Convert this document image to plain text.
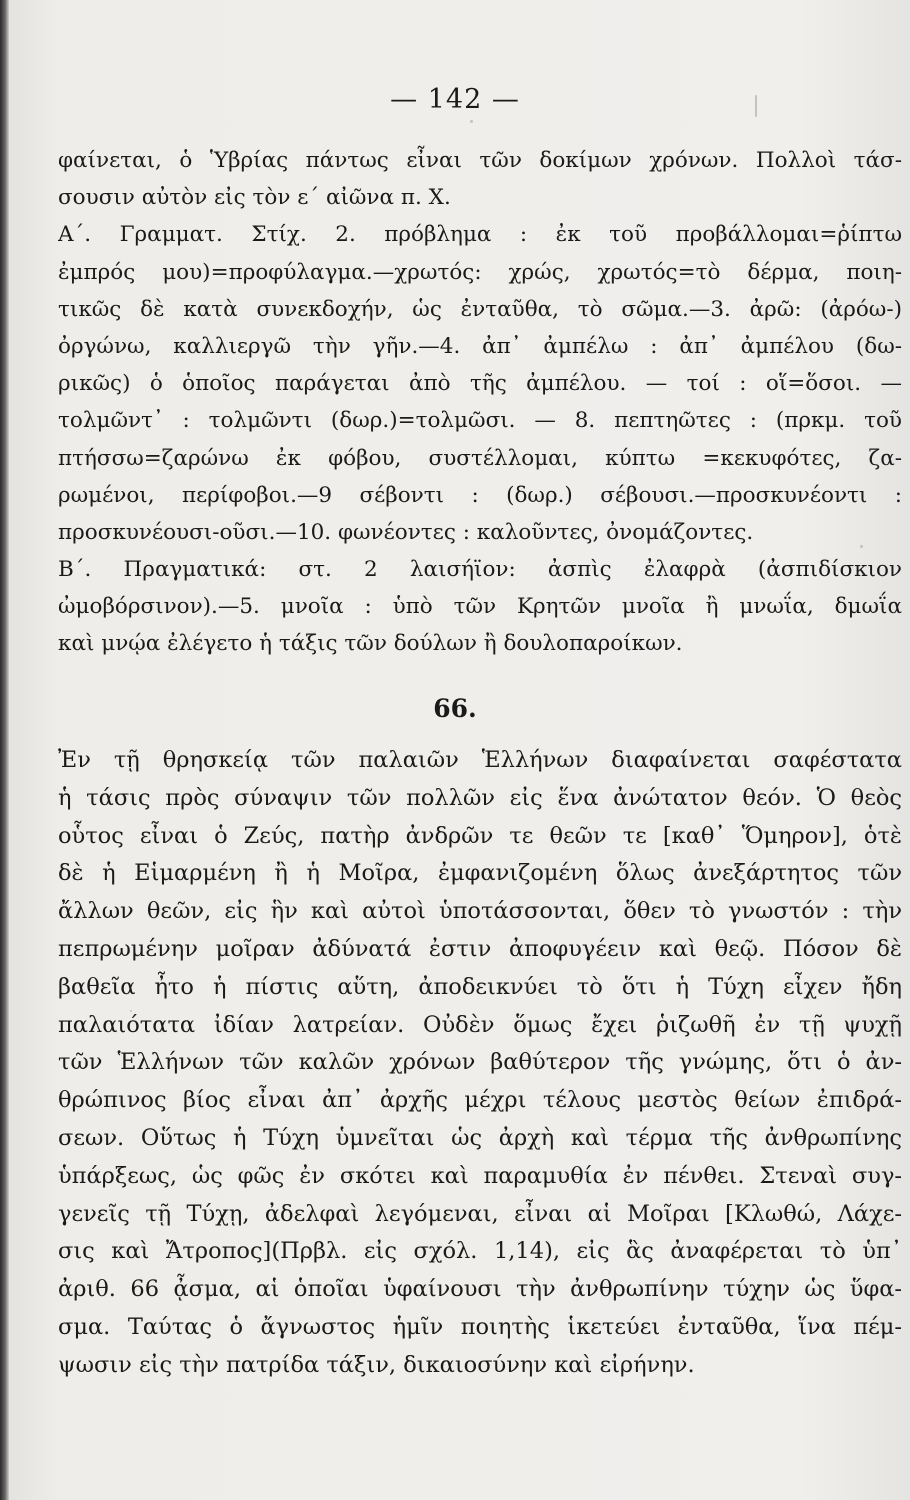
— 142 —
φαίνεται, ὁ Ὑβρίας πάντως εἶναι τῶν δοκίμων χρόνων. Πολλοὶ τάσ-
σουσιν αὐτὸν εἰς τὸν ε΄ αἰῶνα π. Χ.
Α΄. Γραμματ. Στίχ. 2. πρόβλημα : ἐκ τοῦ προβάλλομαι=ῥίπτω
ἐμπρός μου)=προφύλαγμα.—χρωτός: χρώς, χρωτός=τὸ δέρμα, ποιη-
τικῶς δὲ κατὰ συνεκδοχήν, ὡς ἐνταῦθα, τὸ σῶμα.—3. ἀρῶ: (ἀρόω-)
ὀργώνω, καλλιεργῶ τὴν γῆν.—4. ἀπ᾽ ἀμπέλω : ἀπ᾽ ἀμπέλου (δω-
ρικῶς) ὁ ὁποῖος παράγεται ἀπὸ τῆς ἀμπέλου. — τοί : οἵ=ὅσοι. —
τολμῶντ᾽ : τολμῶντι (δωρ.)=τολμῶσι. — 8. πεπτηῶτες : (πρκμ. τοῦ
πτήσσω=ζαρώνω ἐκ φόβου, συστέλλομαι, κύπτω =κεκυφότες, ζα-
ρωμένοι, περίφοβοι.—9 σέβοντι : (δωρ.) σέβουσι.—προσκυνέοντι :
προσκυνέουσι-οῦσι.—10. φωνέοντες : καλοῦντες, ὀνομάζοντες.
Β΄. Πραγματικά: στ. 2 λαισήϊον: ἀσπὶς ἐλαφρὰ (ἀσπιδίσκιον
ὠμοβόρσινον).—5. μνοῖα : ὑπὸ τῶν Κρητῶν μνοῖα ἢ μνωΐα, δμωΐα
καὶ μνῴα ἐλέγετο ἡ τάξις τῶν δούλων ἢ δουλοπαροίκων.
66.
Ἐν τῇ θρησκείᾳ τῶν παλαιῶν Ἑλλήνων διαφαίνεται σαφέστατα
ἡ τάσις πρὸς σύναψιν τῶν πολλῶν εἰς ἕνα ἀνώτατον θεόν. Ὁ θεὸς
οὗτος εἶναι ὁ Ζεύς, πατὴρ ἀνδρῶν τε θεῶν τε [καθ᾽ Ὅμηρον], ὁτὲ
δὲ ἡ Εἱμαρμένη ἢ ἡ Μοῖρα, ἐμφανιζομένη ὅλως ἀνεξάρτητος τῶν
ἄλλων θεῶν, εἰς ἣν καὶ αὐτοὶ ὑποτάσσονται, ὅθεν τὸ γνωστόν : τὴν
πεπρωμένην μοῖραν ἀδύνατά ἐστιν ἀποφυγέειν καὶ θεῷ. Πόσον δὲ
βαθεῖα ἦτο ἡ πίστις αὕτη, ἀποδεικνύει τὸ ὅτι ἡ Τύχη εἶχεν ἤδη
παλαιότατα ἰδίαν λατρείαν. Οὐδὲν ὅμως ἔχει ῥιζωθῆ ἐν τῇ ψυχῇ
τῶν Ἑλλήνων τῶν καλῶν χρόνων βαθύτερον τῆς γνώμης, ὅτι ὁ ἀν-
θρώπινος βίος εἶναι ἀπ᾽ ἀρχῆς μέχρι τέλους μεστὸς θείων ἐπιδρά-
σεων. Οὕτως ἡ Τύχη ὑμνεῖται ὡς ἀρχὴ καὶ τέρμα τῆς ἀνθρωπίνης
ὑπάρξεως, ὡς φῶς ἐν σκότει καὶ παραμυθία ἐν πένθει. Στεναὶ συγ-
γενεῖς τῇ Τύχῃ, ἀδελφαὶ λεγόμεναι, εἶναι αἱ Μοῖραι [Κλωθώ, Λάχε-
σις καὶ Ἄτροπος](Πρβλ. εἰς σχόλ. 1,14), εἰς ἃς ἀναφέρεται τὸ ὑπ᾽
ἀριθ. 66 ᾆσμα, αἱ ὁποῖαι ὑφαίνουσι τὴν ἀνθρωπίνην τύχην ὡς ὕφα-
σμα. Ταύτας ὁ ἄγνωστος ἡμῖν ποιητὴς ἱκετεύει ἐνταῦθα, ἵνα πέμ-
ψωσιν εἰς τὴν πατρίδα τάξιν, δικαιοσύνην καὶ εἰρήνην.
